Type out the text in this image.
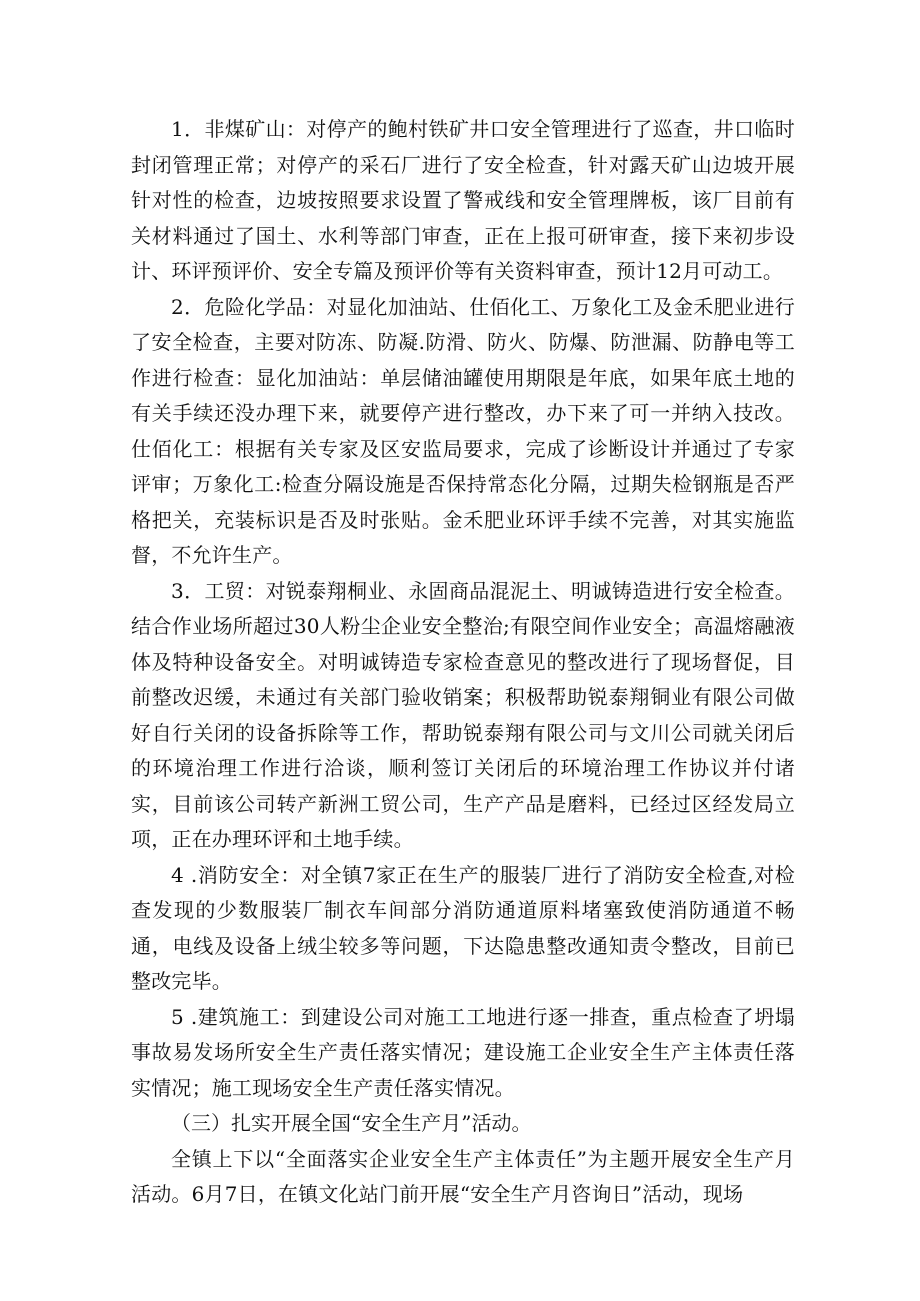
1．非煤矿山：对停产的鲍村铁矿井口安全管理进行了巡查，井口临时封闭管理正常；对停产的采石厂进行了安全检查，针对露天矿山边坡开展针对性的检查，边坡按照要求设置了警戒线和安全管理牌板，该厂目前有关材料通过了国土、水利等部门审查，正在上报可研审查，接下来初步设计、环评预评价、安全专篇及预评价等有关资料审查，预计12月可动工。

2．危险化学品：对显化加油站、仕佰化工、万象化工及金禾肥业进行了安全检查，主要对防冻、防凝.防滑、防火、防爆、防泄漏、防静电等工作进行检查：显化加油站：单层储油罐使用期限是年底，如果年底土地的有关手续还没办理下来，就要停产进行整改，办下来了可一并纳入技改。仕佰化工：根据有关专家及区安监局要求，完成了诊断设计并通过了专家评审；万象化工:检查分隔设施是否保持常态化分隔，过期失检钢瓶是否严格把关，充装标识是否及时张贴。金禾肥业环评手续不完善，对其实施监督，不允许生产。

3．工贸：对锐泰翔桐业、永固商品混泥土、明诚铸造进行安全检查。结合作业场所超过30人粉尘企业安全整治;有限空间作业安全；高温熔融液体及特种设备安全。对明诚铸造专家检查意见的整改进行了现场督促，目前整改迟缓，未通过有关部门验收销案；积极帮助锐泰翔铜业有限公司做好自行关闭的设备拆除等工作，帮助锐泰翔有限公司与文川公司就关闭后的环境治理工作进行洽谈，顺利签订关闭后的环境治理工作协议并付诸实，目前该公司转产新洲工贸公司，生产产品是磨料，已经过区经发局立项，正在办理环评和土地手续。

4 .消防安全：对全镇7家正在生产的服装厂进行了消防安全检查,对检查发现的少数服装厂制衣车间部分消防通道原料堵塞致使消防通道不畅通，电线及设备上绒尘较多等问题，下达隐患整改通知责令整改，目前已整改完毕。

5 .建筑施工：到建设公司对施工工地进行逐一排查，重点检查了坍塌事故易发场所安全生产责任落实情况；建设施工企业安全生产主体责任落实情况；施工现场安全生产责任落实情况。

（三）扎实开展全国“安全生产月”活动。

全镇上下以“全面落实企业安全生产主体责任”为主题开展安全生产月活动。6月7日，在镇文化站门前开展“安全生产月咨询日”活动，现场
